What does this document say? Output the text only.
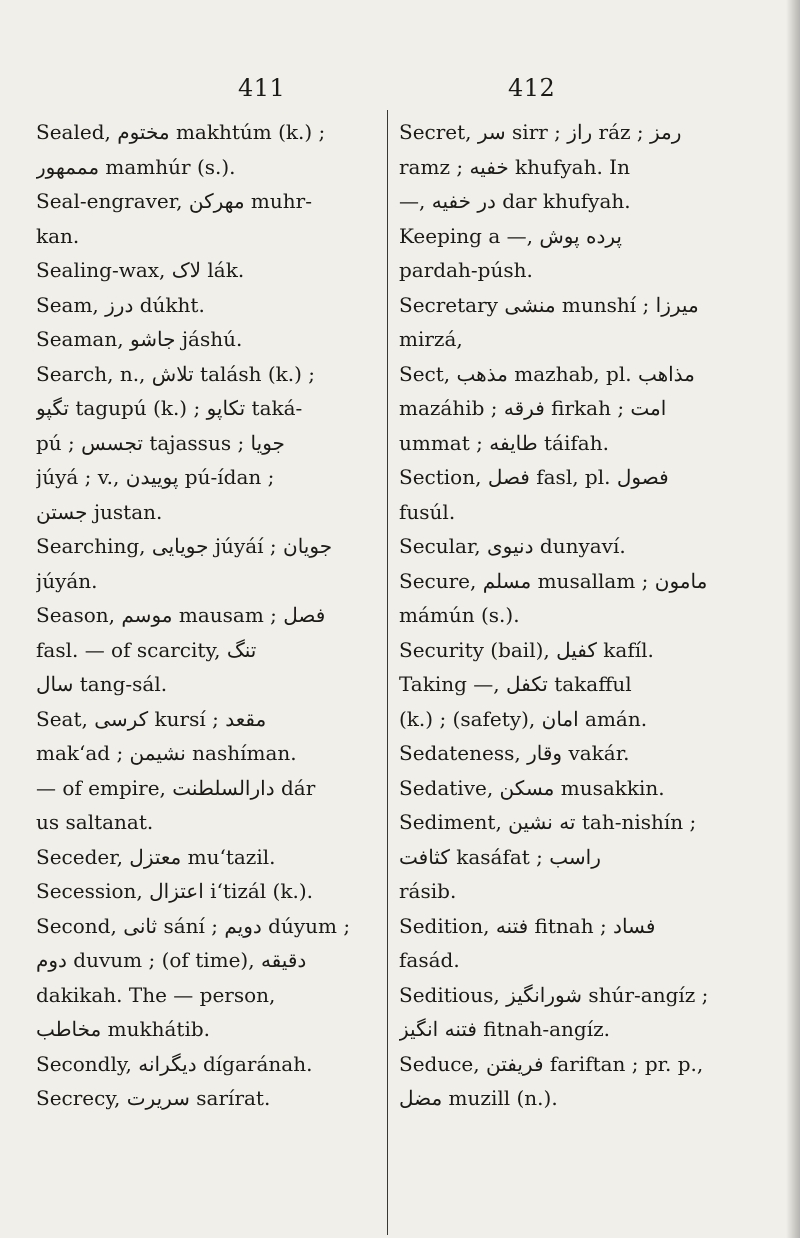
411	412
Sealed, مختوم makhtúm (k.) ;
مممهور mamhúr (s.).
Seal-engraver, مهرکن muhr-
kan.
Sealing-wax, لاک lák.
Seam, درز dúkht.
Seaman, جاشو jáshú.
Search, n., تلاش talásh (k.) ;
تگپو tagupú (k.) ; تکاپو taká-
pú ; تجسس tajassus ; جویا
júyá ; v., پوییدن pú-ídan ;
جستن justan.
Searching, جویایی júyáí ; جویان
júyán.
Season, موسم mausam ; فصل
fasl. — of scarcity, تنگ
سال tang-sál.
Seat, کرسی kursí ; مقعد
mak‘ad ; نشیمن nashíman.
— of empire, دارالسلطنت dár
us saltanat.
Seceder, معتزل mu‘tazil.
Secession, اعتزال i‘tizál (k.).
Second, ثانی sání ; دویم dúyum ;
دوم duvum ; (of time), دقیقه
dakikah. The — person,
مخاطب mukhátib.
Secondly, دیگرانه dígaránah.
Secrecy, سریرت sarírat.
Secret, سر sirr ; راز ráz ; رمز
ramz ; خفیه khufyah. In
—, در خفیه dar khufyah.
Keeping a —, پرده پوش
pardah-púsh.
Secretary منشی munshí ; میرزا
mirzá,
Sect, مذهب mazhab, pl. مذاهب
mazáhib ; فرقه firkah ; امت
ummat ; طایفه táifah.
Section, فصل fasl, pl. فصول
fusúl.
Secular, دنیوی dunyaví.
Secure, مسلم musallam ; مامون
mámún (s.).
Security (bail), کفیل kafíl.
Taking —, تکفل takafful
(k.) ; (safety), امان amán.
Sedateness, وقار vakár.
Sedative, مسکن musakkin.
Sediment, ته نشین tah-nishín ;
کثافت kasáfat ; راسب
rásib.
Sedition, فتنه fitnah ; فساد
fasád.
Seditious, شورانگیز shúr-angíz ;
فتنه انگیز fitnah-angíz.
Seduce, فریفتن fariftan ; pr. p.,
مضل muzill (n.).
